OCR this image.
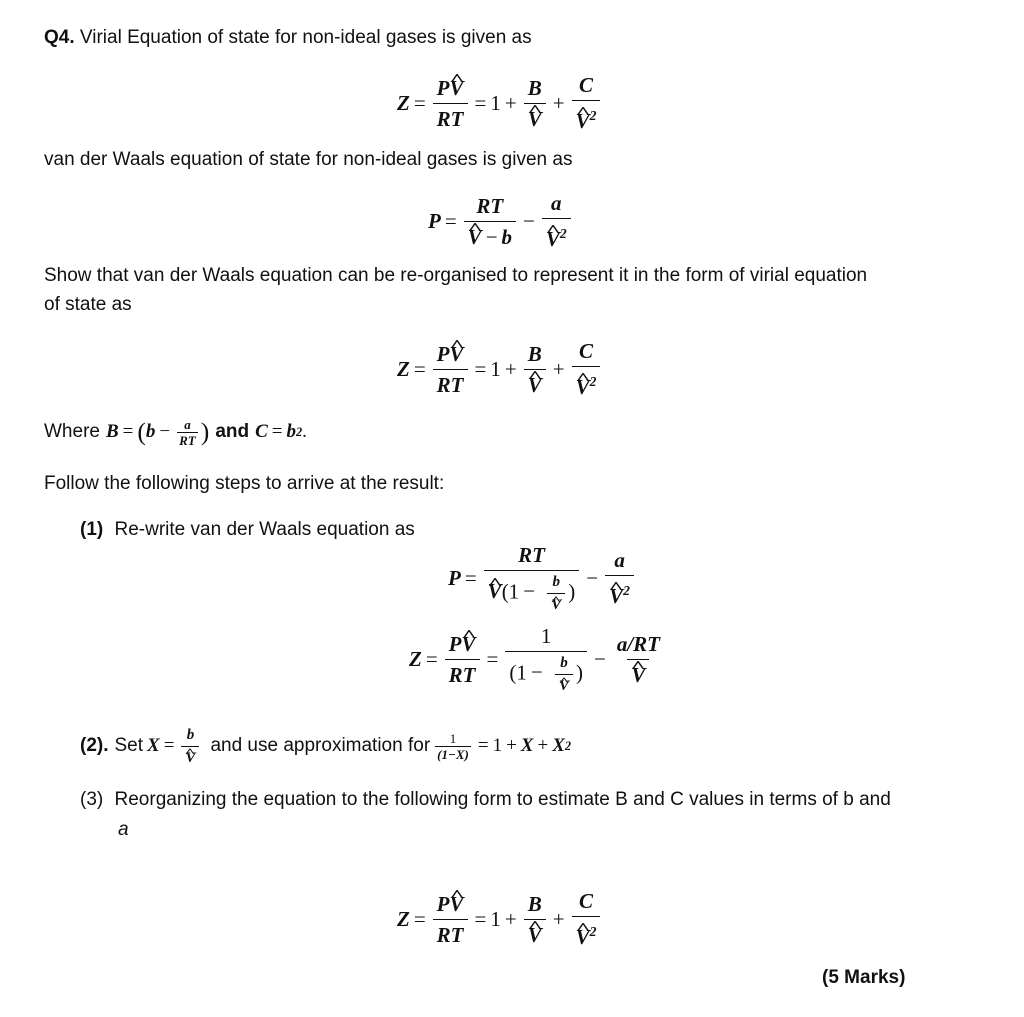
Q4. Virial Equation of state for non-ideal gases is given as
$Z = \frac{P\^{} V}{RT} = 1 + B$
^ V + C
^ $V^2$
van der Waals equation of state for non-ideal gases is given as
P = RT
^ V − b − a
^ $V^2$
Show that van der Waals equation can be re-organised to represent it in the form of virial equation
of state as
$Z = \frac{P\^{} V}{RT} = 1 + B$
^ V + C
^ $V^2$
Where B = ( $b - \frac{a}{RT}$ ) and C = b 2 .
Follow the following steps to arrive at the result:
(1) Re-write van der Waals equation as
P = RT
^ V(1 − b
^ V ) − a
^ $V^2$
$Z = \frac{P\^{} V}{RT} = 1$
(1 − b
^ V ) − a/RT
^ V
(2). Set X = b
^ V and use approximation for $\frac{1}{(1-X)} = 1 + X + X$ 2
(3) Reorganizing the equation to the following form to estimate B and C values in terms of b and
a
$Z = \frac{P\^{} V}{RT} = 1 + B$
^ V + C
^ $V^2$
(5 Marks)
